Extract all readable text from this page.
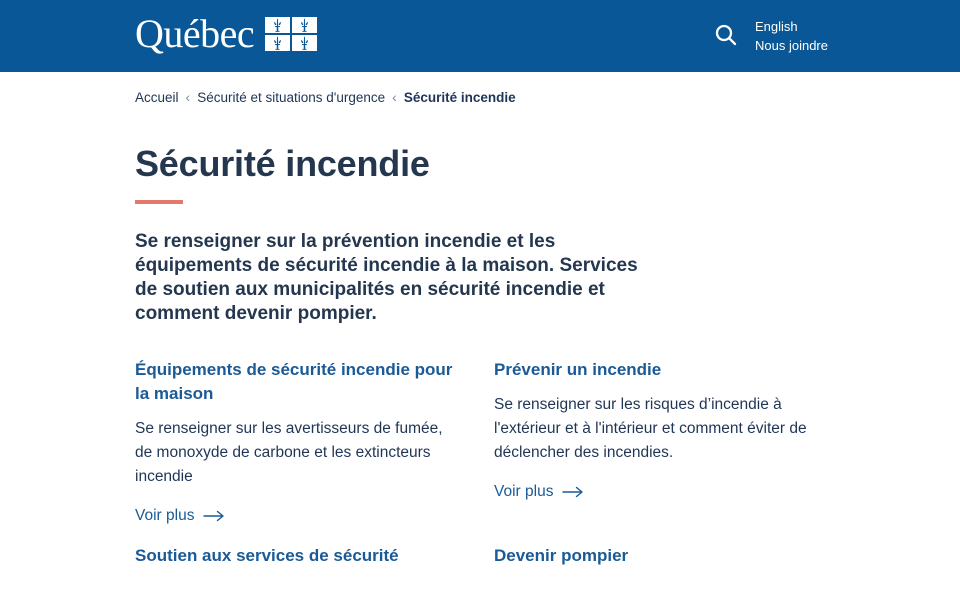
Québec	English
Nous joindre
Accueil ‹ Sécurité et situations d'urgence ‹ Sécurité incendie
Sécurité incendie

Se renseigner sur la prévention incendie et les équipements de sécurité incendie à la maison. Services de soutien aux municipalités en sécurité incendie et comment devenir pompier.

Équipements de sécurité incendie pour la maison

Se renseigner sur les avertisseurs de fumée, de monoxyde de carbone et les extincteurs incendie

Voir plus
Prévenir un incendie

Se renseigner sur les risques d’incendie à l'extérieur et à l'intérieur et comment éviter de déclencher des incendies.

Voir plus
Soutien aux services de sécurité	Devenir pompier
